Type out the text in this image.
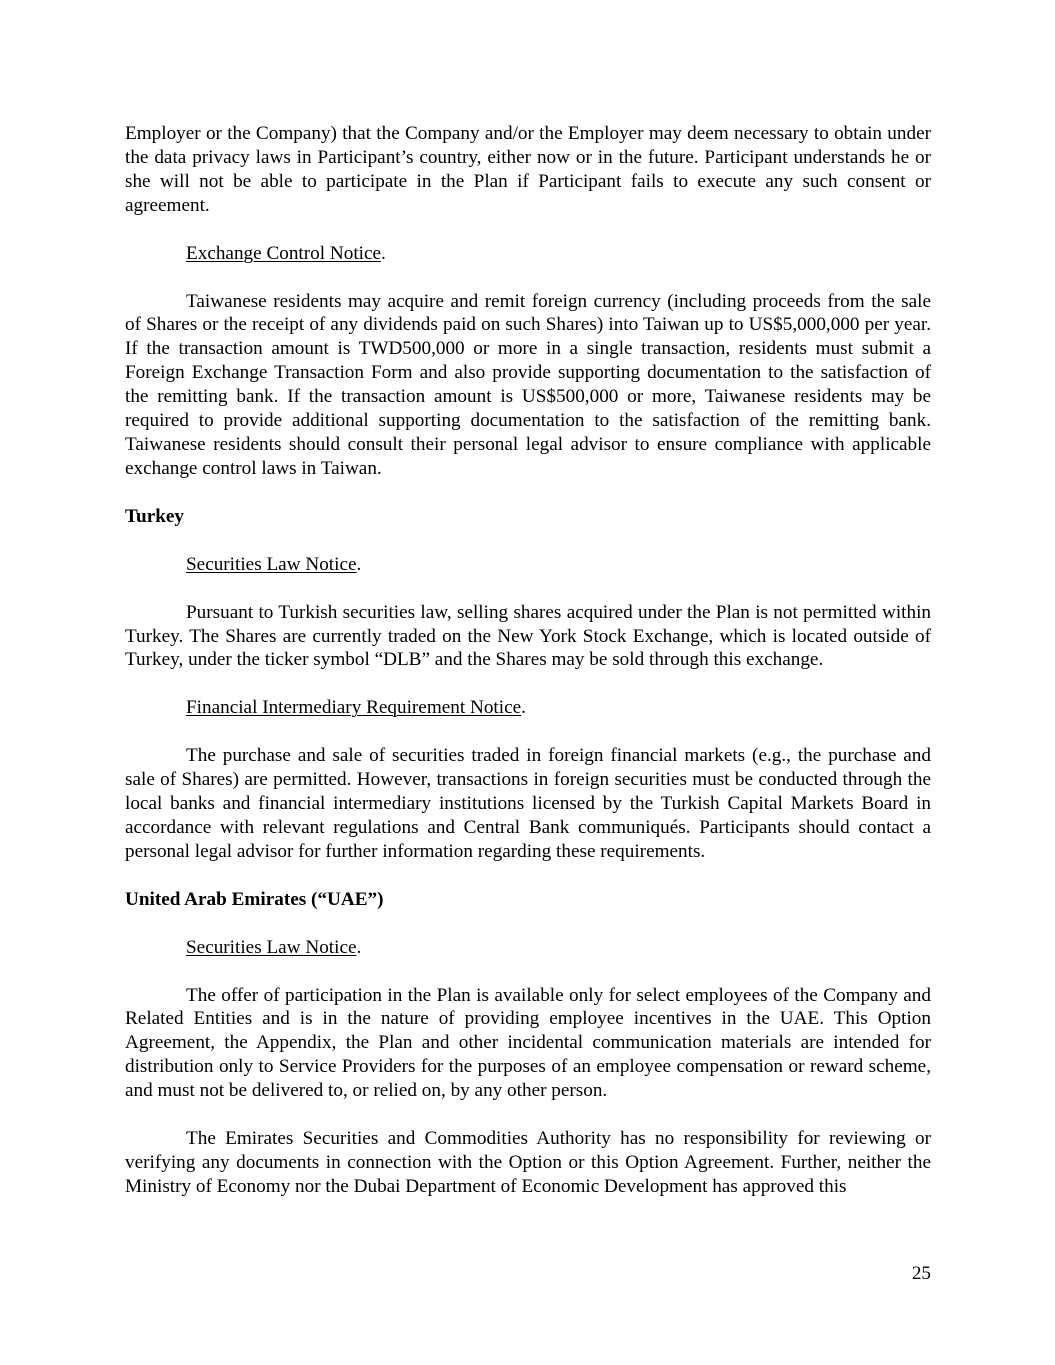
Employer or the Company) that the Company and/or the Employer may deem necessary to obtain under the data privacy laws in Participant’s country, either now or in the future. Participant understands he or she will not be able to participate in the Plan if Participant fails to execute any such consent or agreement.

Exchange Control Notice.

Taiwanese residents may acquire and remit foreign currency (including proceeds from the sale of Shares or the receipt of any dividends paid on such Shares) into Taiwan up to US$5,000,000 per year. If the transaction amount is TWD500,000 or more in a single transaction, residents must submit a Foreign Exchange Transaction Form and also provide supporting documentation to the satisfaction of the remitting bank. If the transaction amount is US$500,000 or more, Taiwanese residents may be required to provide additional supporting documentation to the satisfaction of the remitting bank. Taiwanese residents should consult their personal legal advisor to ensure compliance with applicable exchange control laws in Taiwan.

Turkey

Securities Law Notice.

Pursuant to Turkish securities law, selling shares acquired under the Plan is not permitted within Turkey. The Shares are currently traded on the New York Stock Exchange, which is located outside of Turkey, under the ticker symbol “DLB” and the Shares may be sold through this exchange.

Financial Intermediary Requirement Notice.

The purchase and sale of securities traded in foreign financial markets (e.g., the purchase and sale of Shares) are permitted. However, transactions in foreign securities must be conducted through the local banks and financial intermediary institutions licensed by the Turkish Capital Markets Board in accordance with relevant regulations and Central Bank communiqués. Participants should contact a personal legal advisor for further information regarding these requirements.

United Arab Emirates (“UAE”)

Securities Law Notice.

The offer of participation in the Plan is available only for select employees of the Company and Related Entities and is in the nature of providing employee incentives in the UAE. This Option Agreement, the Appendix, the Plan and other incidental communication materials are intended for distribution only to Service Providers for the purposes of an employee compensation or reward scheme, and must not be delivered to, or relied on, by any other person.

The Emirates Securities and Commodities Authority has no responsibility for reviewing or verifying any documents in connection with the Option or this Option Agreement. Further, neither the Ministry of Economy nor the Dubai Department of Economic Development has approved this

25
